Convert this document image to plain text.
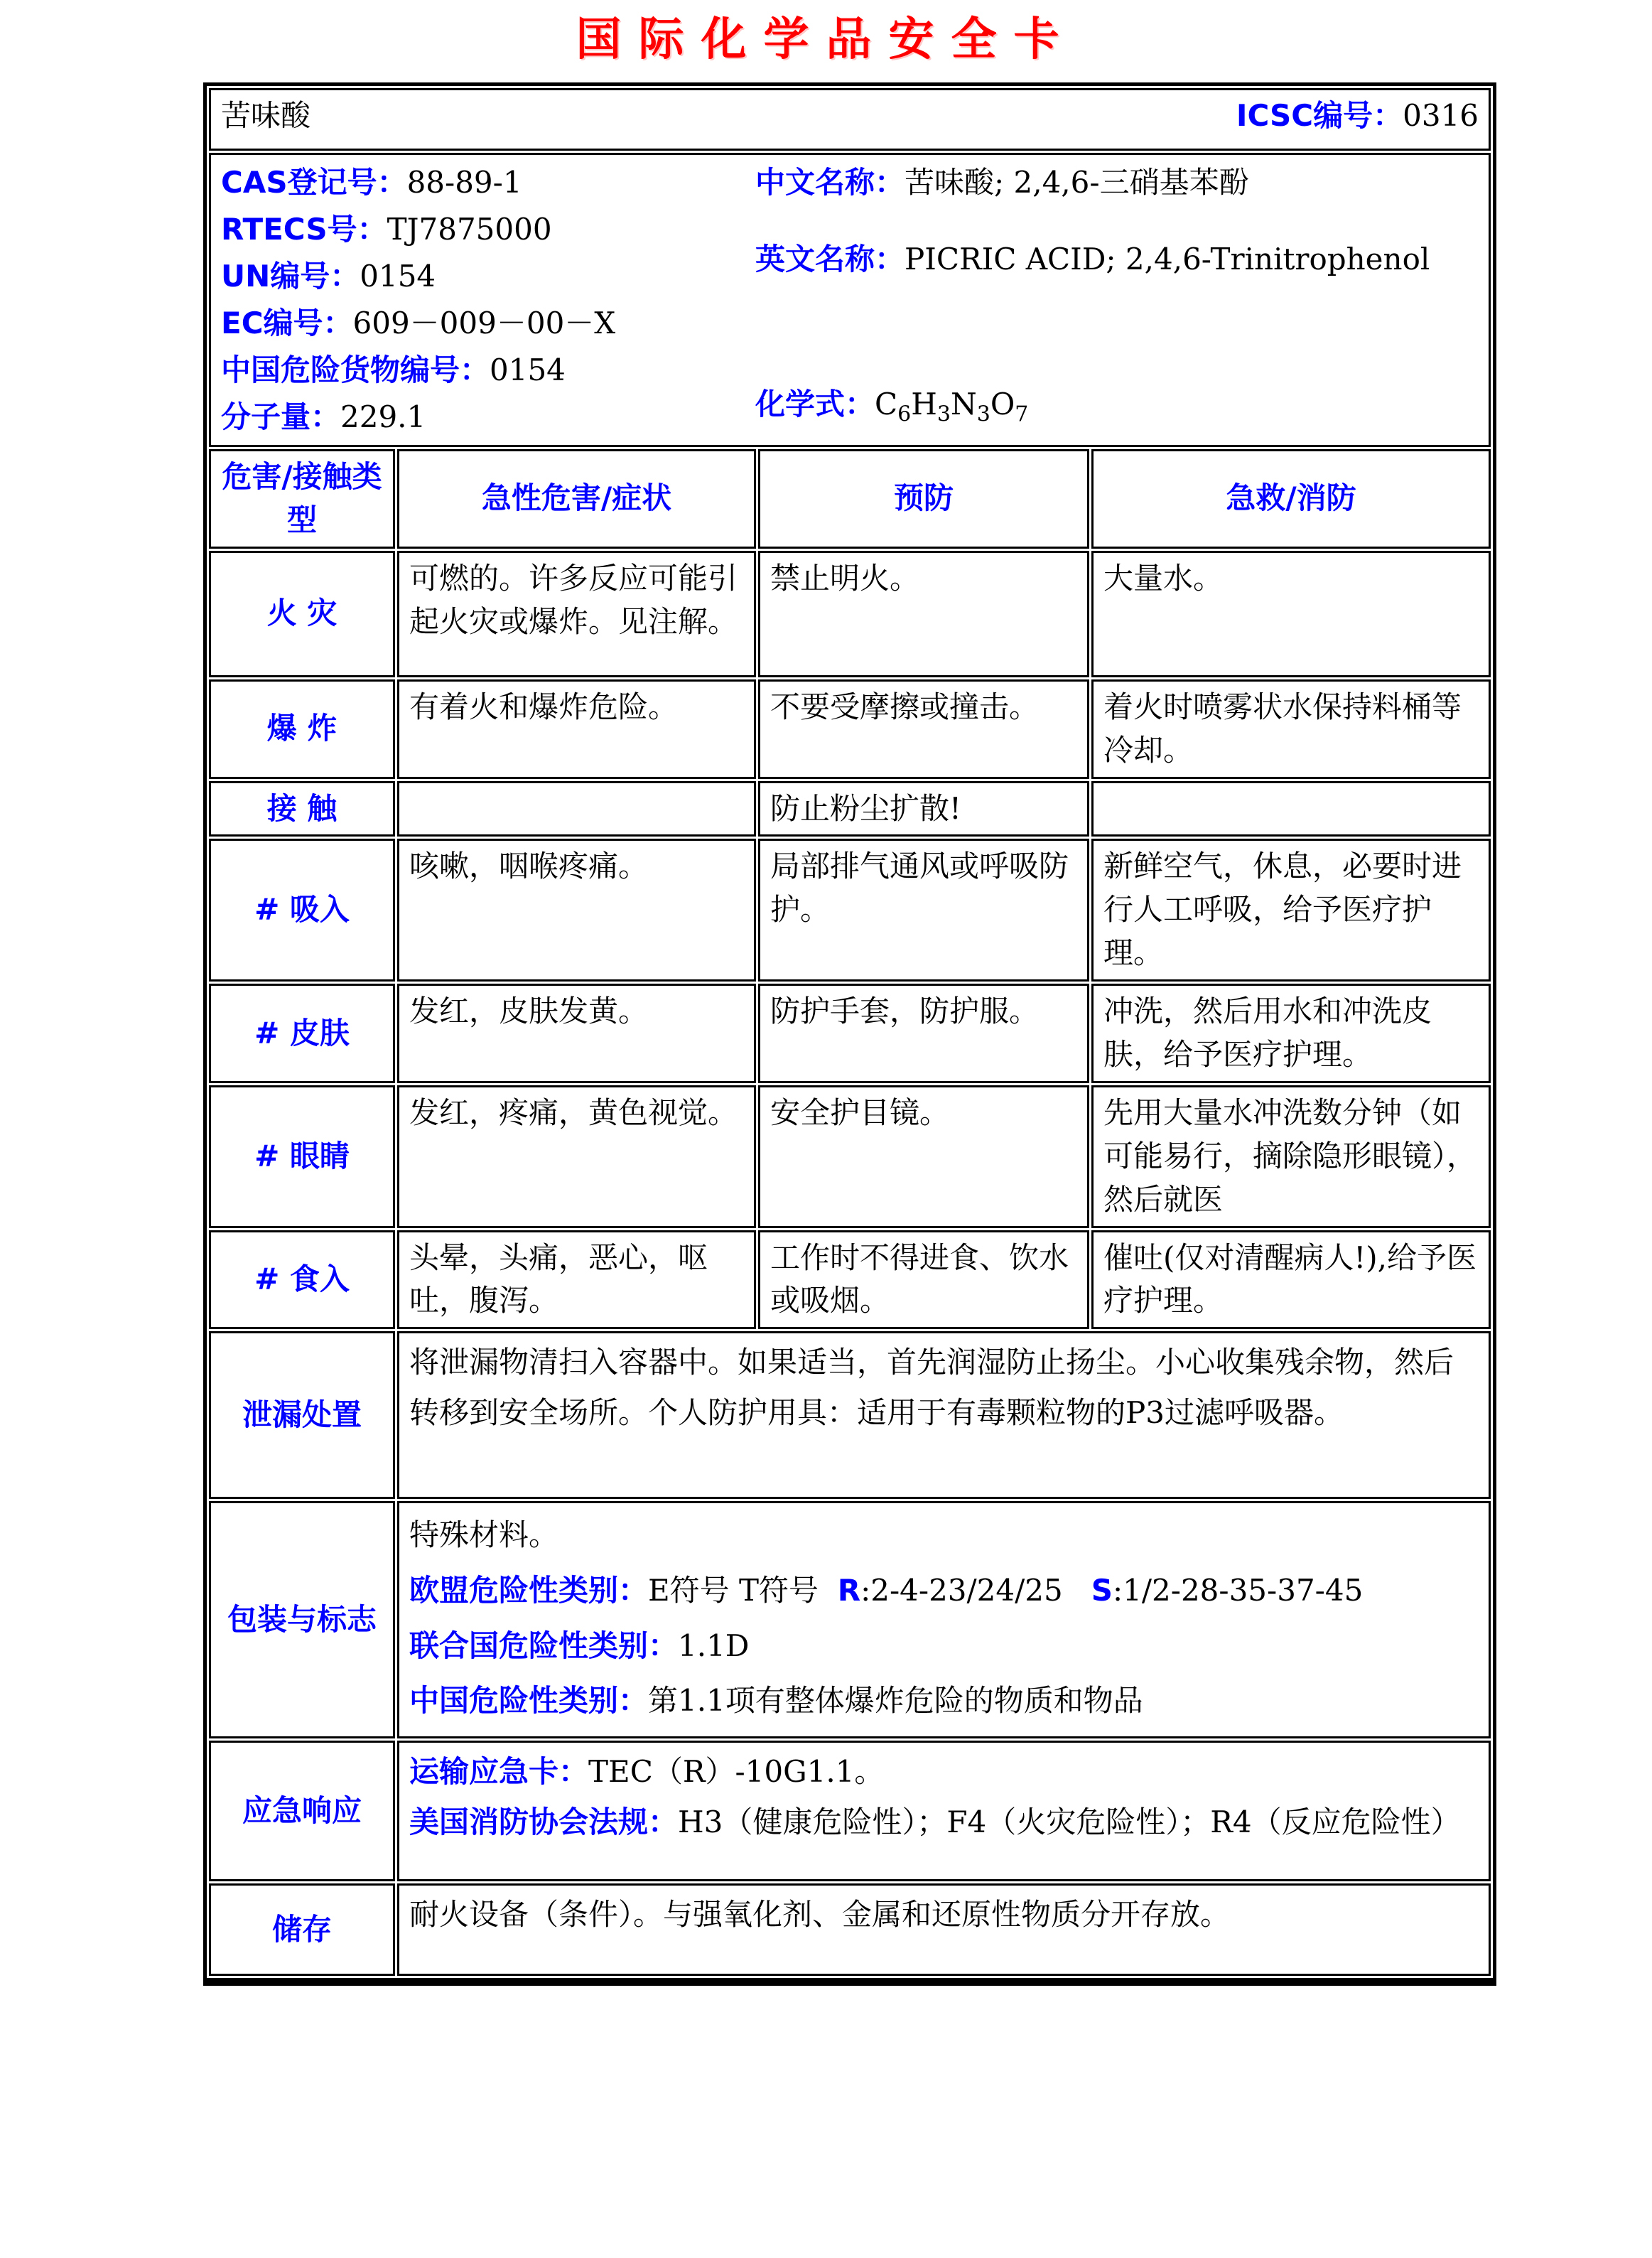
国际化学品安全卡
苦味酸 ICSC编号：0316			

CAS登记号：88-89-1
RTECS号：TJ7875000
UN编号：0154
EC编号：609－009－00－X
中国危险货物编号：0154
分子量：229.1
中文名称：苦味酸; 2,4,6-三硝基苯酚
英文名称：PICRIC ACID; 2,4,6-Trinitrophenol
化学式：$C_6H_3N_3O_7$

危害/接触类型	急性危害/症状	预防	急救/消防
火 灾	可燃的。许多反应可能引起火灾或爆炸。见注解。	禁止明火。	大量水。
爆 炸	有着火和爆炸危险。	不要受摩擦或撞击。	着火时喷雾状水保持料桶等冷却。
接 触		防止粉尘扩散!	
# 吸入	咳嗽，咽喉疼痛。	局部排气通风或呼吸防护。	新鲜空气，休息，必要时进行人工呼吸，给予医疗护理。
# 皮肤	发红，皮肤发黄。	防护手套，防护服。	冲洗，然后用水和冲洗皮肤，给予医疗护理。
# 眼睛	发红，疼痛，黄色视觉。	安全护目镜。	先用大量水冲洗数分钟（如可能易行，摘除隐形眼镜），然后就医
# 食入	头晕，头痛，恶心，呕吐，腹泻。	工作时不得进食、饮水或吸烟。	催吐(仅对清醒病人!),给予医疗护理。
泄漏处置	将泄漏物清扫入容器中。如果适当，首先润湿防止扬尘。小心收集残余物，然后转移到安全场所。个人防护用具：适用于有毒颗粒物的P3过滤呼吸器。		

包装与标志	特殊材料。
欧盟危险性类别：E符号 T符号  R:2-4-23/24/25   S:1/2-28-35-37-45
联合国危险性类别：1.1D
中国危险性类别：第1.1项有整体爆炸危险的物质和物品		

应急响应	运输应急卡：TEC（R）-10G1.1。
美国消防协会法规：H3（健康危险性）；F4（火灾危险性）；R4（反应危险性）		

储存	耐火设备（条件）。与强氧化剂、金属和还原性物质分开存放。		
